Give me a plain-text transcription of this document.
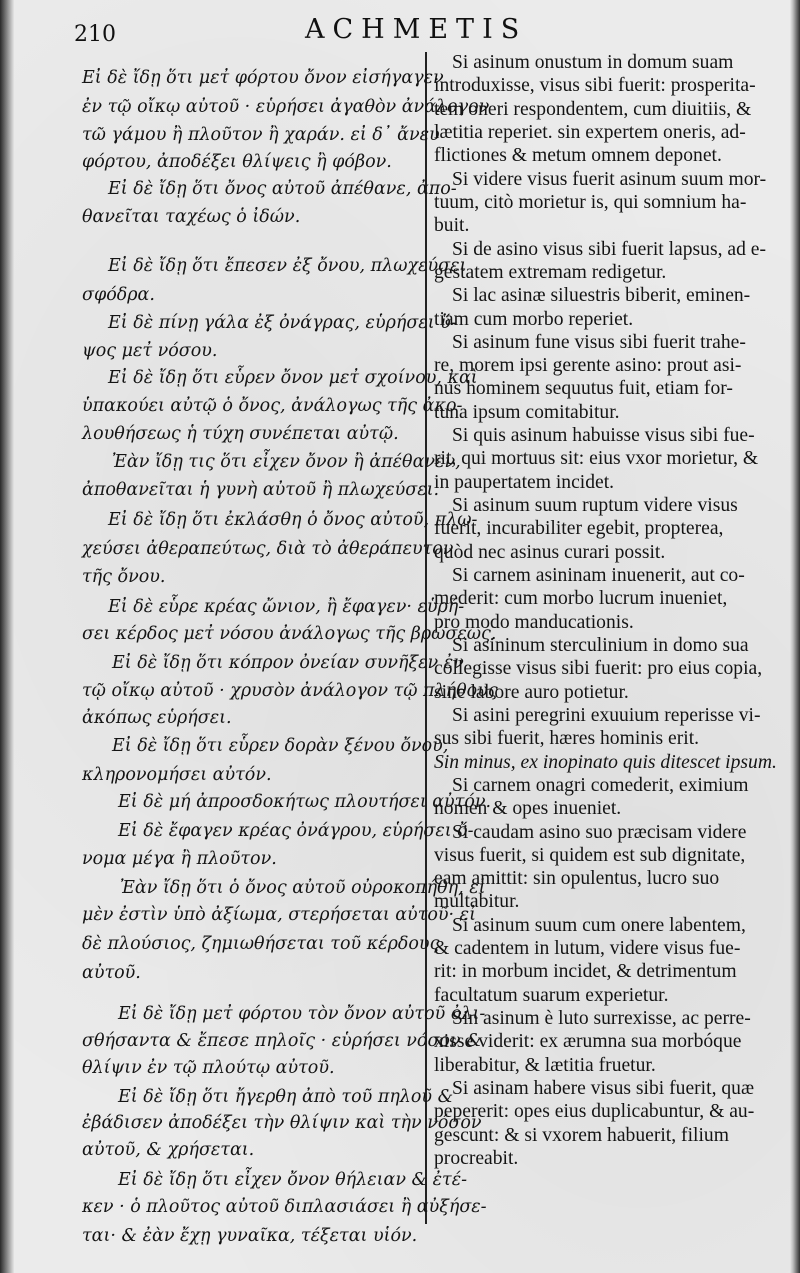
210	ACHMETIS
Εἰ δὲ ἴδῃ ὅτι μετ̓ φόρτου ὄνον εἰσήγαγεν
ἐν τῷ οἴκῳ αὐτοῦ · εὑρήσει ἀγαθὸν ἀνάλογον
τῶ γάμου ἢ πλοῦτον ἢ χαράν. εἰ δ᾽ ἄνευ
φόρτου, ἀποδέξει θλίψεις ἢ φόβον.
Εἰ δὲ ἴδῃ ὅτι ὄνος αὐτοῦ ἀπέθανε, ἀπο-
θανεῖται ταχέως ὁ ἰδών.
Εἰ δὲ ἴδῃ ὅτι ἔπεσεν ἐξ ὄνου, πλωχεύσει
σφόδρα.
Εἰ δὲ πίνῃ γάλα ἐξ ὀνάγρας, εὑρήσει ὕ-
ψος μετ̓ νόσου.
Εἰ δὲ ἴδῃ ὅτι εὗρεν ὄνον μετ̓ σχοίνου, καὶ
ὑπακούει αὐτῷ ὁ ὄνος, ἀνάλογως τῆς ἀκο-
λουθήσεως ἡ τύχη συνέπεται αὐτῷ.
Ἐὰν ἴδῃ τις ὅτι εἶχεν ὄνον ἢ ἀπέθανεν,
ἀποθανεῖται ἡ γυνὴ αὐτοῦ ἢ πλωχεύσει.
Εἰ δὲ ἴδῃ ὅτι ἐκλάσθη ὁ ὄνος αὐτοῦ, πλω-
χεύσει ἀθεραπεύτως, διὰ τὸ ἀθεράπευτον
τῆς ὄνου.
Εἰ δὲ εὗρε κρέας ὤνιον, ἢ ἔφαγεν· εὑρή-
σει κέρδος μετ̓ νόσου ἀνάλογως τῆς βρώσεως.
Εἰ δὲ ἴδῃ ὅτι κόπρον ὀνείαν συνῆξεν ἐν
τῷ οἴκῳ αὐτοῦ · χρυσὸν ἀνάλογον τῷ πλήθους
ἀκόπως εὑρήσει.
Εἰ δὲ ἴδῃ ὅτι εὗρεν δορὰν ξένου ὄνου,
κληρονομήσει αὐτόν.
Εἰ δὲ μή ἀπροσδοκήτως πλουτήσει αὐτόν.
Εἰ δὲ ἔφαγεν κρέας ὀνάγρου, εὑρήσει ὄ-
νομα μέγα ἢ πλοῦτον.
Ἐὰν ἴδῃ ὅτι ὁ ὄνος αὐτοῦ οὐροκοπήθη, εἰ
μὲν ἐστὶν ὑπὸ ἀξίωμα, στερήσεται αὐτοῦ· εἰ
δὲ πλούσιος, ζημιωθήσεται τοῦ κέρδους
αὐτοῦ.
Εἰ δὲ ἴδῃ μετ̓ φόρτου τὸν ὄνον αὐτοῦ ὀλι-
σθήσαντα & ἔπεσε πηλοῖς · εὑρήσει νόσον &
θλίψιν ἐν τῷ πλούτῳ αὐτοῦ.
Εἰ δὲ ἴδῃ ὅτι ἤγερθη ἀπὸ τοῦ πηλοῦ &
ἐβάδισεν ἀποδέξει τὴν θλίψιν καὶ τὴν νόσον
αὐτοῦ, & χρήσεται.
Εἰ δὲ ἴδῃ ὅτι εἶχεν ὄνον θήλειαν & ἐτέ-
κεν · ὁ πλοῦτος αὐτοῦ διπλασιάσει ἢ αὐξήσε-
ται· & ἐὰν ἔχῃ γυναῖκα, τέξεται υἱόν.
Si asinum onustum in domum suam
introduxisse, visus sibi fuerit: prosperita-
tem oneri respondentem, cum diuitiis, &
lætitia reperiet. sin expertem oneris, ad-
flictiones & metum omnem deponet.
Si videre visus fuerit asinum suum mor-
tuum, citò morietur is, qui somnium ha-
buit.
Si de asino visus sibi fuerit lapsus, ad e-
gestatem extremam redigetur.
Si lac asinæ siluestris biberit, eminen-
tiam cum morbo reperiet.
Si asinum fune visus sibi fuerit trahe-
re, morem ipsi gerente asino: prout asi-
nus hominem sequutus fuit, etiam for-
tuna ipsum comitabitur.
Si quis asinum habuisse visus sibi fue-
rit, qui mortuus sit: eius vxor morietur, &
in paupertatem incidet.
Si asinum suum ruptum videre visus
fuerit, incurabiliter egebit, propterea,
quòd nec asinus curari possit.
Si carnem asininam inuenerit, aut co-
mederit: cum morbo lucrum inueniet,
pro modo manducationis.
Si asininum sterculinium in domo sua
collegisse visus sibi fuerit: pro eius copia,
sine labore auro potietur.
Si asini peregrini exuuium reperisse vi-
sus sibi fuerit, hæres hominis erit.
Sin minus, ex inopinato quis ditescet ipsum.
Si carnem onagri comederit, eximium
nomen & opes inueniet.
Si caudam asino suo præcisam videre
visus fuerit, si quidem est sub dignitate,
eam amittit: sin opulentus, lucro suo
multabitur.
Si asinum suum cum onere labentem,
& cadentem in lutum, videre visus fue-
rit: in morbum incidet, & detrimentum
facultatum suarum experietur.
Sin asinum è luto surrexisse, ac perre-
xisse viderit: ex ærumna sua morbóque
liberabitur, & lætitia fruetur.
Si asinam habere visus sibi fuerit, quæ
pepererit: opes eius duplicabuntur, & au-
gescunt: & si vxorem habuerit, filium
procreabit.
